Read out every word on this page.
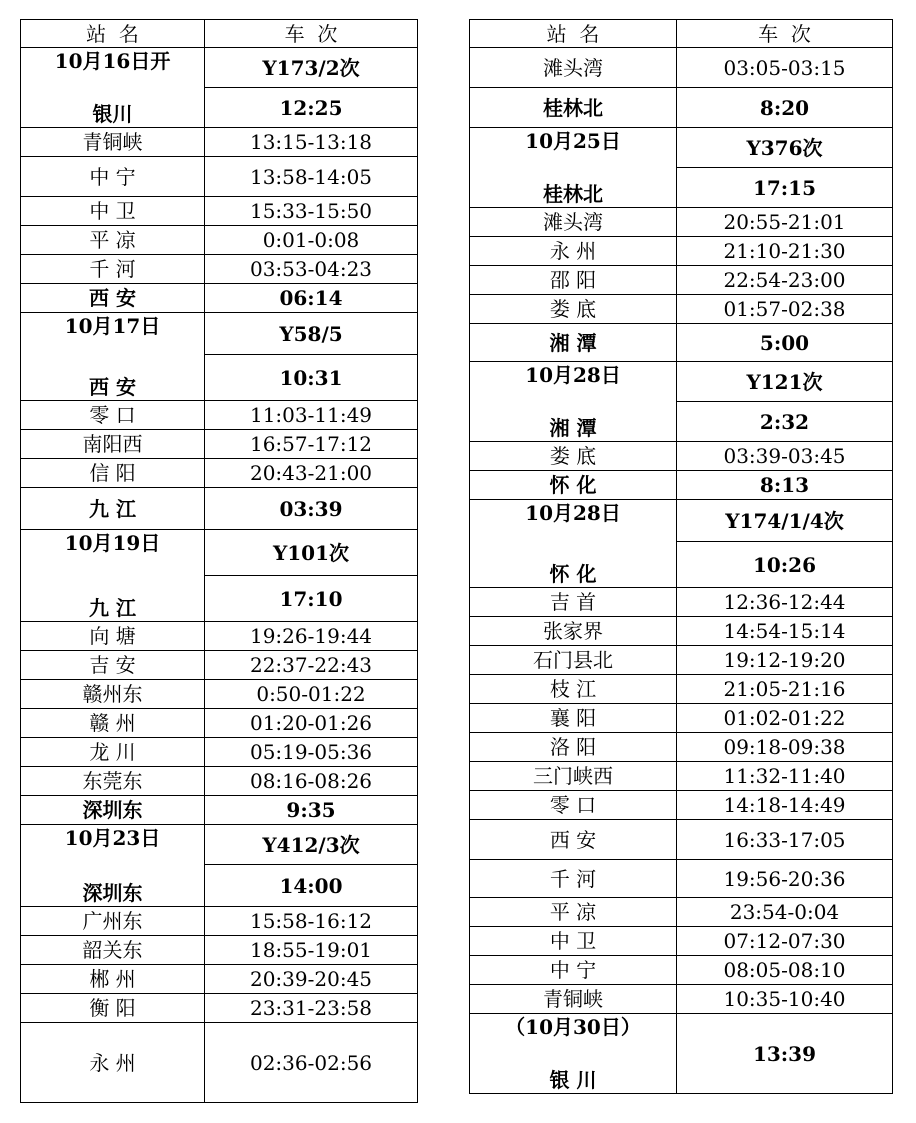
站  名	车  次

10月16日开
银川	Y173/2次
	12:25
青铜峡	13:15-13:18
中 宁	13:58-14:05
中 卫	15:33-15:50
平 凉	0:01-0:08
千 河	03:53-04:23
西 安	06:14

10月17日
西 安	Y58/5
	10:31
零 口	11:03-11:49
南阳西	16:57-17:12
信 阳	20:43-21:00
九 江	03:39

10月19日
九 江	Y101次
	17:10
向 塘	19:26-19:44
吉 安	22:37-22:43
赣州东	0:50-01:22
赣 州	01:20-01:26
龙 川	05:19-05:36
东莞东	08:16-08:26
深圳东	9:35

10月23日
深圳东	Y412/3次
	14:00
广州东	15:58-16:12
韶关东	18:55-19:01
郴 州	20:39-20:45
衡 阳	23:31-23:58
永 州	02:36-02:56
站  名	车  次
滩头湾	03:05-03:15
桂林北	8:20

10月25日
桂林北	Y376次
	17:15
滩头湾	20:55-21:01
永 州	21:10-21:30
邵 阳	22:54-23:00
娄 底	01:57-02:38
湘 潭	5:00

10月28日
湘 潭	Y121次
	2:32
娄 底	03:39-03:45
怀 化	8:13

10月28日
怀 化	Y174/1/4次
	10:26
吉 首	12:36-12:44
张家界	14:54-15:14
石门县北	19:12-19:20
枝 江	21:05-21:16
襄 阳	01:02-01:22
洛 阳	09:18-09:38
三门峡西	11:32-11:40
零 口	14:18-14:49
西 安	16:33-17:05
千 河	19:56-20:36
平 凉	23:54-0:04
中 卫	07:12-07:30
中 宁	08:05-08:10
青铜峡	10:35-10:40

（10月30日）
银 川	13:39
